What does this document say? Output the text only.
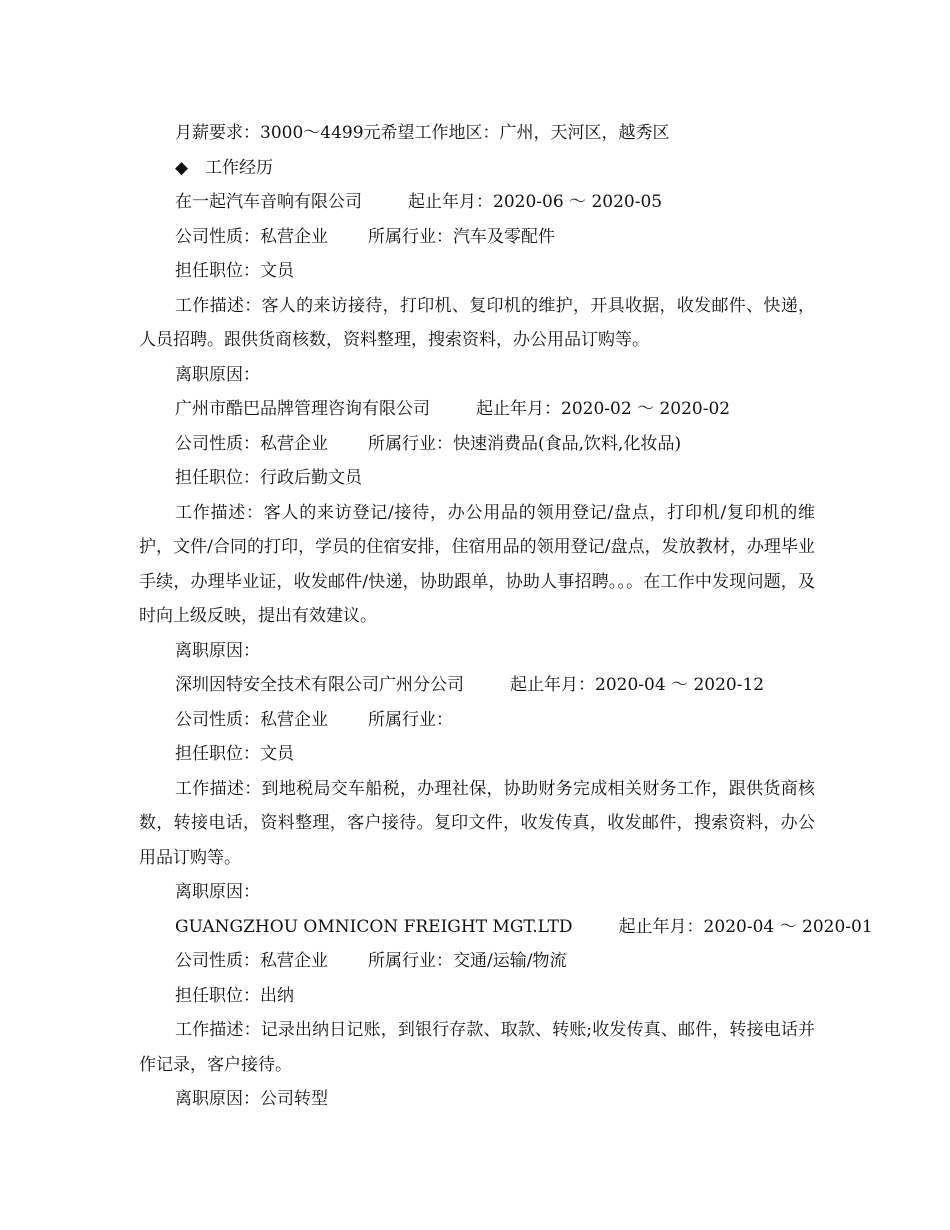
月薪要求：3000～4499元希望工作地区：广州，天河区，越秀区
◆ 工作经历
在一起汽车音响有限公司	起止年月：2020-06 ～ 2020-05
公司性质：私营企业 所属行业：汽车及零配件
担任职位：文员
工作描述：客人的来访接待，打印机、复印机的维护，开具收据，收发邮件、快递，人员招聘。跟供货商核数，资料整理，搜索资料，办公用品订购等。
离职原因：
广州市酷巴品牌管理咨询有限公司	起止年月：2020-02 ～ 2020-02
公司性质：私营企业 所属行业：快速消费品(食品,饮料,化妆品)
担任职位：行政后勤文员
工作描述：客人的来访登记/接待，办公用品的领用登记/盘点，打印机/复印机的维护，文件/合同的打印，学员的住宿安排，住宿用品的领用登记/盘点，发放教材，办理毕业手续，办理毕业证，收发邮件/快递，协助跟单，协助人事招聘。。。在工作中发现问题，及时向上级反映，提出有效建议。
离职原因：
深圳因特安全技术有限公司广州分公司	起止年月：2020-04 ～ 2020-12
公司性质：私营企业 所属行业：
担任职位：文员
工作描述：到地税局交车船税，办理社保，协助财务完成相关财务工作，跟供货商核数，转接电话，资料整理，客户接待。复印文件，收发传真，收发邮件，搜索资料，办公用品订购等。
离职原因：
GUANGZHOU OMNICON FREIGHT MGT.LTD	起止年月：2020-04 ～ 2020-01
公司性质：私营企业 所属行业：交通/运输/物流
担任职位：出纳
工作描述：记录出纳日记账，到银行存款、取款、转账;收发传真、邮件，转接电话并作记录，客户接待。
离职原因：公司转型
